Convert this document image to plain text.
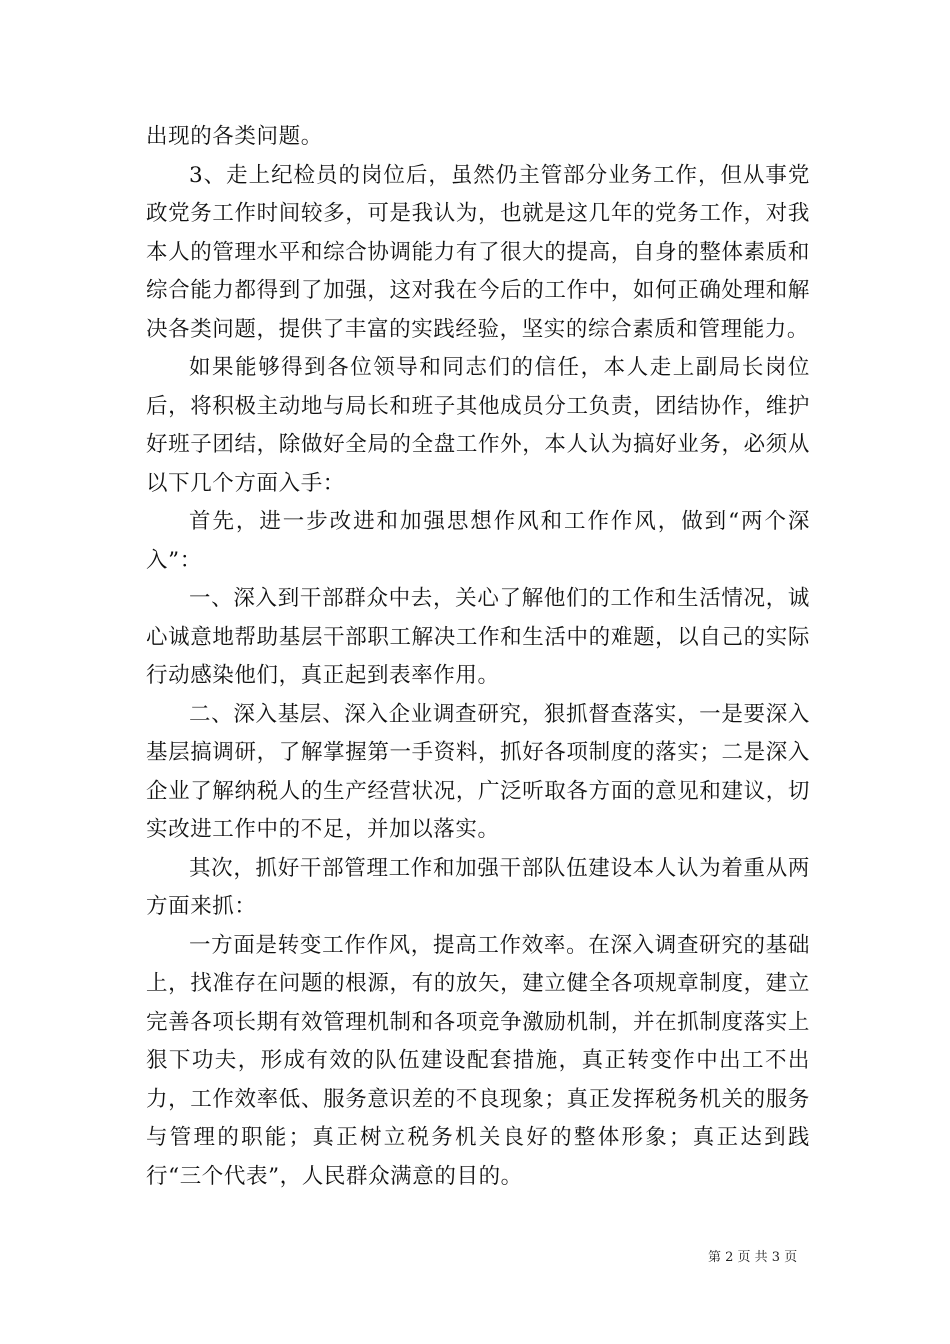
出现的各类问题。

3、走上纪检员的岗位后，虽然仍主管部分业务工作，但从事党政党务工作时间较多，可是我认为，也就是这几年的党务工作，对我本人的管理水平和综合协调能力有了很大的提高，自身的整体素质和综合能力都得到了加强，这对我在今后的工作中，如何正确处理和解决各类问题，提供了丰富的实践经验，坚实的综合素质和管理能力。

如果能够得到各位领导和同志们的信任，本人走上副局长岗位后，将积极主动地与局长和班子其他成员分工负责，团结协作，维护好班子团结，除做好全局的全盘工作外，本人认为搞好业务，必须从以下几个方面入手：

首先，进一步改进和加强思想作风和工作作风，做到“两个深入”：

一、深入到干部群众中去，关心了解他们的工作和生活情况，诚心诚意地帮助基层干部职工解决工作和生活中的难题，以自己的实际行动感染他们，真正起到表率作用。

二、深入基层、深入企业调查研究，狠抓督查落实，一是要深入基层搞调研，了解掌握第一手资料，抓好各项制度的落实；二是深入企业了解纳税人的生产经营状况，广泛听取各方面的意见和建议，切实改进工作中的不足，并加以落实。

其次，抓好干部管理工作和加强干部队伍建设本人认为着重从两方面来抓：

一方面是转变工作作风，提高工作效率。在深入调查研究的基础上，找准存在问题的根源，有的放矢，建立健全各项规章制度，建立完善各项长期有效管理机制和各项竞争激励机制，并在抓制度落实上狠下功夫，形成有效的队伍建设配套措施，真正转变作中出工不出力，工作效率低、服务意识差的不良现象；真正发挥税务机关的服务与管理的职能；真正树立税务机关良好的整体形象；真正达到践行“三个代表”，人民群众满意的目的。

第 2 页 共 3 页
